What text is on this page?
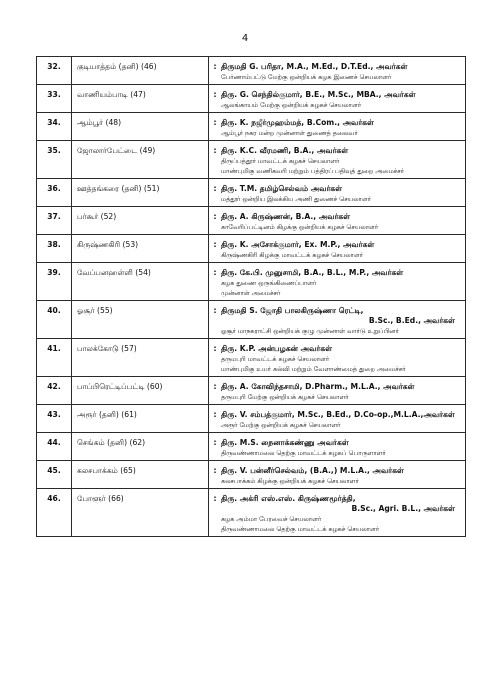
4
32.	குடியாத்தம் (தனி) (46)	: திருமதி G. பரிதா, M.A., M.Ed., D.T.Ed., அவர்கள்
பேர்ணாம்பட்டு மேற்கு ஒன்றியக் கழக இணைச் செயலாளர்

33.	வாணியம்பாடி (47)	: திரு. G. செந்தில்குமார், B.E., M.Sc., MBA., அவர்கள்
ஆலங்காயம் மேற்கு ஒன்றியக் கழகச் செயலாளர்

34.	ஆம்பூர் (48)	: திரு. K. நஜீர்முஹம்மத், B.Com., அவர்கள்
ஆம்பூர் நகர மன்ற முன்னாள் துணைத் தலைவர்

35.	ஜோலார்பேட்டை (49)	: திரு. K.C. வீரமணி, B.A., அவர்கள்
திருப்பத்தூர் மாவட்டக் கழகச் செயலாளர்
மாண்புமிகு வணிகவரி மற்றும் பத்திரப் பதிவுத் துறை அமைச்சர்

36.	ஊத்தங்கரை (தனி) (51)	: திரு. T.M. தமிழ்செல்வம் அவர்கள்
மத்தூர் ஒன்றிய இலக்கிய அணி துணைச் செயலாளர்

37.	பர்கூர் (52)	: திரு. A. கிருஷ்ணன், B.A., அவர்கள்
காவேரிப்பட்டினம் கிழக்கு ஒன்றியக் கழகச் செயலாளர்

38.	கிருஷ்ணகிரி (53)	: திரு. K. அசோக்குமார், Ex. M.P., அவர்கள்
கிருஷ்ணகிரி கிழக்கு மாவட்டக் கழகச் செயலாளர்

39.	வேப்பனஹள்ளி (54)	: திரு. கே.பி. முனுசாமி, B.A., B.L., M.P., அவர்கள்
கழக துணை ஒருங்கிணைப்பாளர்
முன்னாள் அமைச்சர்

40.	ஓசூர் (55)	: திருமதி S. ஜோதி பாலகிருஷ்ணா ரெட்டி,
B.Sc., B.Ed., அவர்கள்
ஓசூர் மாநகராட்சி ஒன்றியக் குழு முன்னாள் வார்டு உறுப்பினர்

41.	பாலக்கோடு (57)	: திரு. K.P. அன்பழகன் அவர்கள்
தருமபுரி மாவட்டக் கழகச் செயலாளர்
மாண்புமிகு உயர் கல்வி மற்றும் வேளாண்மைத் துறை அமைச்சர்

42.	பாப்பிரெட்டிப்பட்டி (60)	: திரு. A. கோவிந்தசாமி, D.Pharm., M.L.A., அவர்கள்
தருமபுரி மேற்கு ஒன்றியக் கழகச் செயலாளர்

43.	அரூர் (தனி) (61)	: திரு. V. சம்பத்குமார், M.Sc., B.Ed., D.Co-op.,M.L.A.,அவர்கள்
அரூர் மேற்கு ஒன்றியக் கழகச் செயலாளர்

44.	செங்கம் (தனி) (62)	: திரு. M.S. நைனாக்கண்ணு அவர்கள்
திருவண்ணாமலை தெற்கு மாவட்டக் கழகப் பொருளாளர்

45.	கலசபாக்கம் (65)	: திரு. V. பன்னீர்செல்வம், (B.A.,) M.L.A., அவர்கள்
கலசபாக்கம் கிழக்கு ஒன்றியக் கழகச் செயலாளர்

46.	போளூர் (66)	: திரு. அக்ரி எஸ்.எஸ். கிருஷ்ணமூர்த்தி,
B.Sc., Agri. B.L., அவர்கள்
கழக அம்மா பேரவைச் செயலாளர்
திருவண்ணாமலை தெற்கு மாவட்டக் கழகச் செயலாளர்
